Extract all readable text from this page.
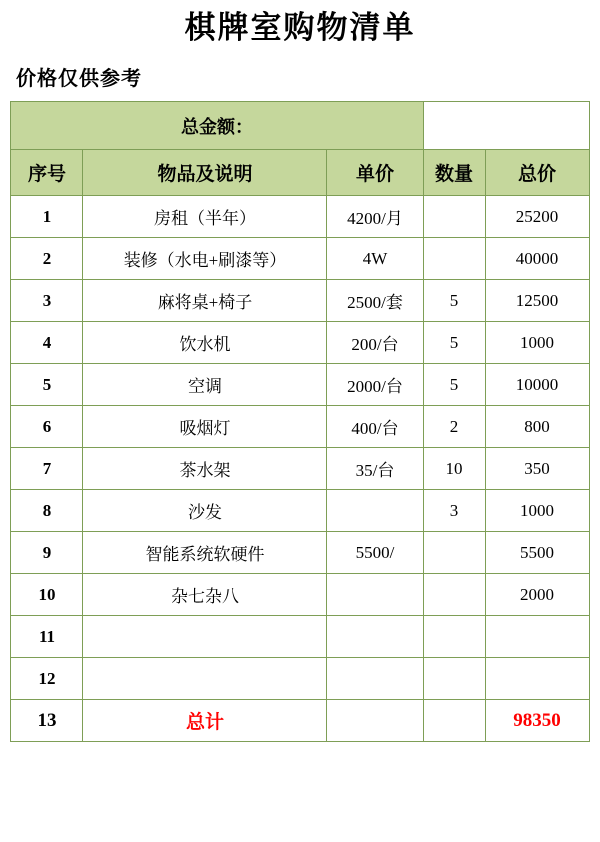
棋牌室购物清单
价格仅供参考
总金额：				
序号	物品及说明	单价	数量	总价
1	房租（半年）	4200/月		25200
2	装修（水电+刷漆等）	4W		40000
3	麻将桌+椅子	2500/套	5	12500
4	饮水机	200/台	5	1000
5	空调	2000/台	5	10000
6	吸烟灯	400/台	2	800
7	茶水架	35/台	10	350
8	沙发		3	1000
9	智能系统软硬件	5500/		5500
10	杂七杂八			2000
11				
12				
13	总计			98350
